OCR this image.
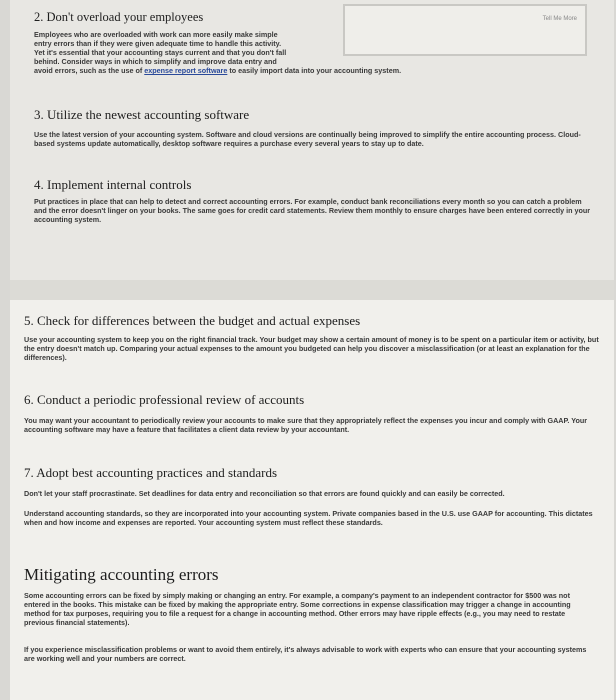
2. Don't overload your employees

Employees who are overloaded with work can more easily make simple

entry errors than if they were given adequate time to handle this activity.

Yet it's essential that your accounting stays current and that you don't fall

behind. Consider ways in which to simplify and improve data entry and

avoid errors, such as the use of expense report software to easily import data into your accounting system.

Tell Me More
3. Utilize the newest accounting software

Use the latest version of your accounting system. Software and cloud versions are continually being improved to simplify the entire accounting process. Cloud-based systems update automatically, desktop software requires a purchase every several years to stay up to date.

4. Implement internal controls

Put practices in place that can help to detect and correct accounting errors. For example, conduct bank reconciliations every month so you can catch a problem and the error doesn't linger on your books. The same goes for credit card statements. Review them monthly to ensure charges have been entered correctly in your accounting system.

5. Check for differences between the budget and actual expenses

Use your accounting system to keep you on the right financial track. Your budget may show a certain amount of money is to be spent on a particular item or activity, but the entry doesn't match up. Comparing your actual expenses to the amount you budgeted can help you discover a misclassification (or at least an explanation for the differences).

6. Conduct a periodic professional review of accounts

You may want your accountant to periodically review your accounts to make sure that they appropriately reflect the expenses you incur and comply with GAAP. Your accounting software may have a feature that facilitates a client data review by your accountant.

7. Adopt best accounting practices and standards

Don't let your staff procrastinate. Set deadlines for data entry and reconciliation so that errors are found quickly and can easily be corrected.

Understand accounting standards, so they are incorporated into your accounting system. Private companies based in the U.S. use GAAP for accounting. This dictates when and how income and expenses are reported. Your accounting system must reflect these standards.

Mitigating accounting errors

Some accounting errors can be fixed by simply making or changing an entry. For example, a company's payment to an independent contractor for $500 was not entered in the books. This mistake can be fixed by making the appropriate entry. Some corrections in expense classification may trigger a change in accounting method for tax purposes, requiring you to file a request for a change in accounting method. Other errors may have ripple effects (e.g., you may need to restate previous financial statements).

If you experience misclassification problems or want to avoid them entirely, it's always advisable to work with experts who can ensure that your accounting systems are working well and your numbers are correct.
